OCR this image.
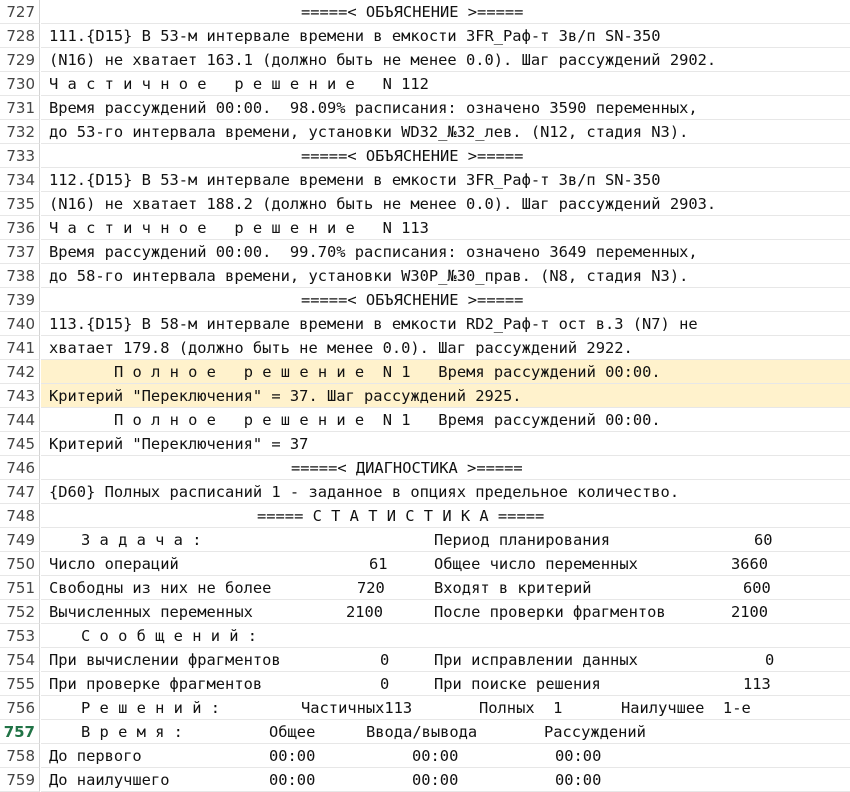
727	=====< ОБЪЯСНЕНИЕ >=====
728 111.{D15} В 53-м интервале времени в емкости 3FR_Раф-т 3в/п SN-350
729 (N16) не хватает 163.1 (должно быть не менее 0.0). Шаг рассуждений 2902.
730 Ч а с т и ч н о е   р е ш е н и е   N 112
731 Время рассуждений 00:00.  98.09% расписания: означено 3590 переменных,
732 до 53-го интервала времени, установки WD32_№32_лев. (N12, стадия N3).
733	=====< ОБЪЯСНЕНИЕ >=====
734 112.{D15} В 53-м интервале времени в емкости 3FR_Раф-т 3в/п SN-350
735 (N16) не хватает 188.2 (должно быть не менее 0.0). Шаг рассуждений 2903.
736 Ч а с т и ч н о е   р е ш е н и е   N 113
737 Время рассуждений 00:00.  99.70% расписания: означено 3649 переменных,
738 до 58-го интервала времени, установки W30P_№30_прав. (N8, стадия N3).
739	=====< ОБЪЯСНЕНИЕ >=====
740 113.{D15} В 58-м интервале времени в емкости RD2_Раф-т ост в.3 (N7) не
741 хватает 179.8 (должно быть не менее 0.0). Шаг рассуждений 2922.
742	П о л н о е   р е ш е н и е  N 1   Время рассуждений 00:00.
743 Критерий "Переключения" = 37. Шаг рассуждений 2925.
744	П о л н о е   р е ш е н и е  N 1   Время рассуждений 00:00.
745 Критерий "Переключения" = 37
746	=====< ДИАГНОСТИКА >=====
747 {D60} Полных расписаний 1 - заданное в опциях предельное количество.
748	===== С Т А Т И С Т И К А =====
749	З а д а ч а :	Период планирования	60
750 Число операций	61	Общее число переменных	3660
751 Свободны из них не более	720	Входят в критерий	600
752 Вычисленных переменных	2100	После проверки фрагментов	2100
753	С о о б щ е н и й :
754 При вычислении фрагментов	0	При исправлении данных	0
755 При проверке фрагментов	0	При поиске решения	113
756	Р е ш е н и й :	Частичных113	Полных  1	Наилучшее  1-е
757	В р е м я :	Общее	Ввода/вывода	Рассуждений
758 До первого	00:00	00:00	00:00
759 До наилучшего	00:00	00:00	00:00
